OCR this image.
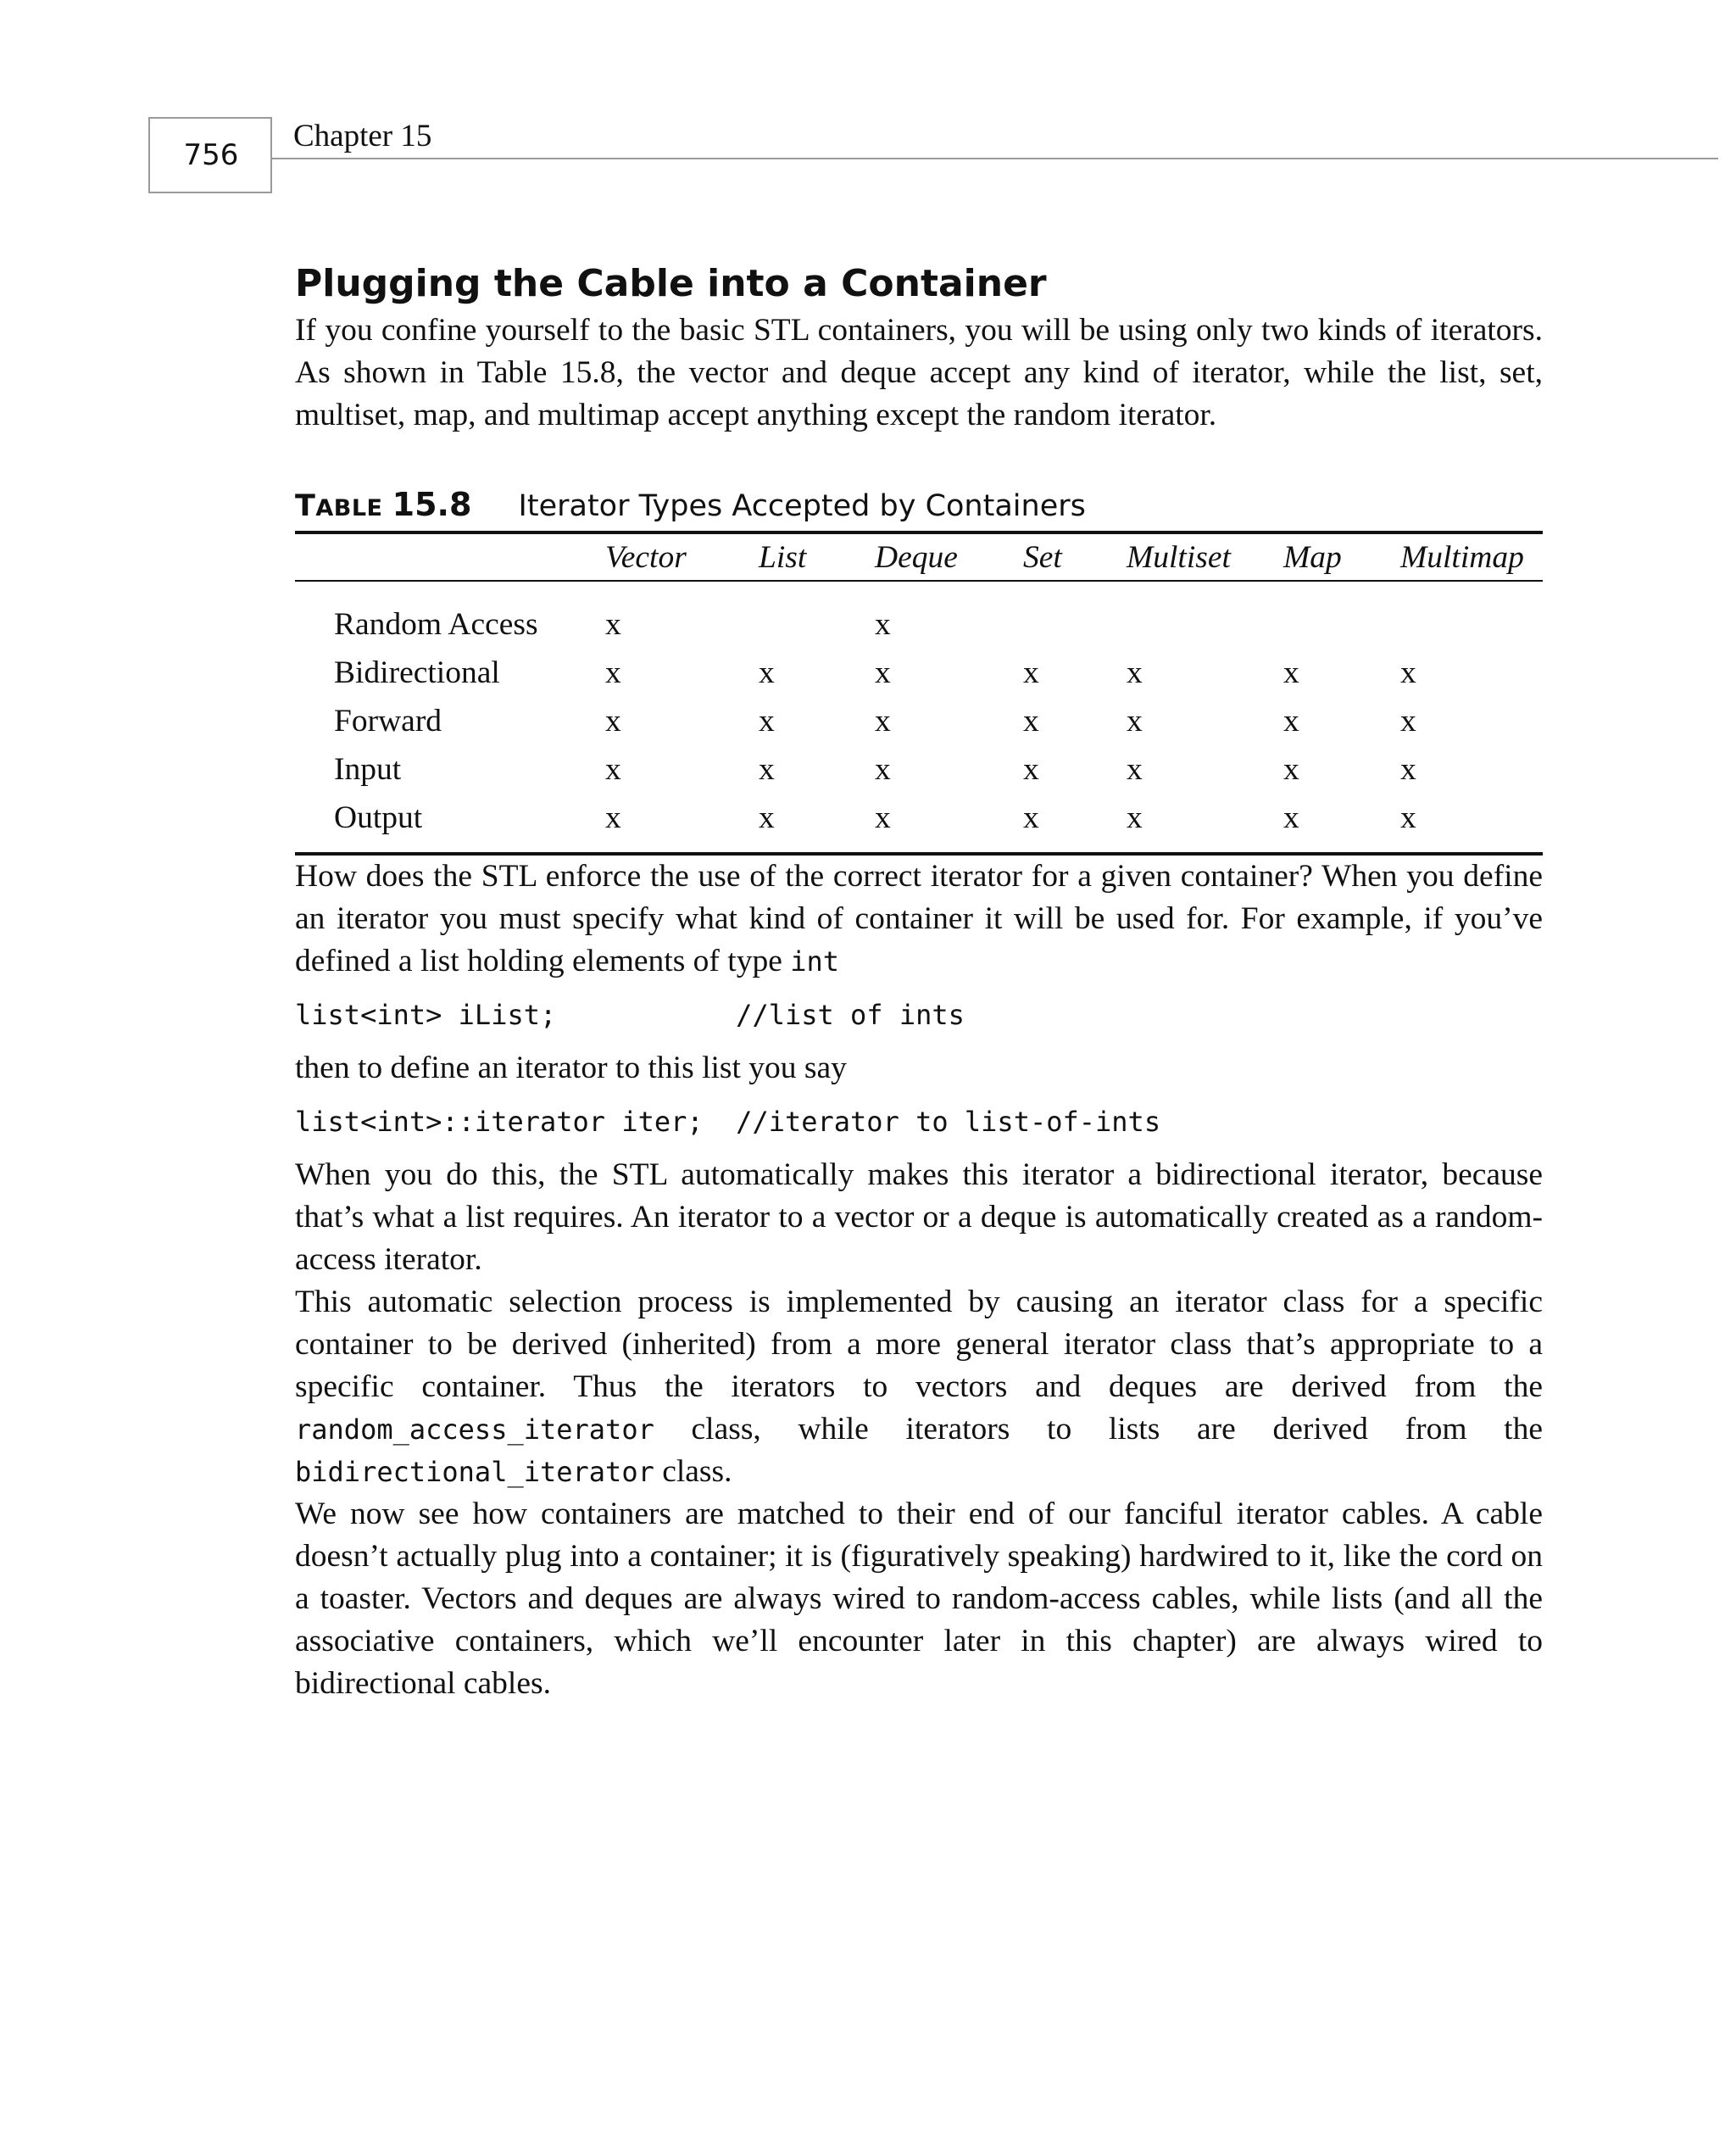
756
Chapter 15
Plugging the Cable into a Container

If you confine yourself to the basic STL containers, you will be using only two kinds of iterators. As shown in Table 15.8, the vector and deque accept any kind of iterator, while the list, set, multiset, map, and multimap accept anything except the random iterator.

TABLE 15.8 Iterator Types Accepted by Containers
	Vector	List	Deque	Set	Multiset	Map	Multimap
Random Access	x		x				
Bidirectional	x	x	x	x	x	x	x
Forward	x	x	x	x	x	x	x
Input	x	x	x	x	x	x	x
Output	x	x	x	x	x	x	x

How does the STL enforce the use of the correct iterator for a given container? When you define an iterator you must specify what kind of container it will be used for. For example, if you’ve defined a list holding elements of type int

list<int> iList;           //list of ints

then to define an iterator to this list you say

list<int>::iterator iter;  //iterator to list-of-ints

When you do this, the STL automatically makes this iterator a bidirectional iterator, because that’s what a list requires. An iterator to a vector or a deque is automatically created as a random-access iterator.

This automatic selection process is implemented by causing an iterator class for a specific container to be derived (inherited) from a more general iterator class that’s appropriate to a specific container. Thus the iterators to vectors and deques are derived from the random_access_iterator class, while iterators to lists are derived from the bidirectional_iterator class.

We now see how containers are matched to their end of our fanciful iterator cables. A cable doesn’t actually plug into a container; it is (figuratively speaking) hardwired to it, like the cord on a toaster. Vectors and deques are always wired to random-access cables, while lists (and all the associative containers, which we’ll encounter later in this chapter) are always wired to bidirectional cables.
